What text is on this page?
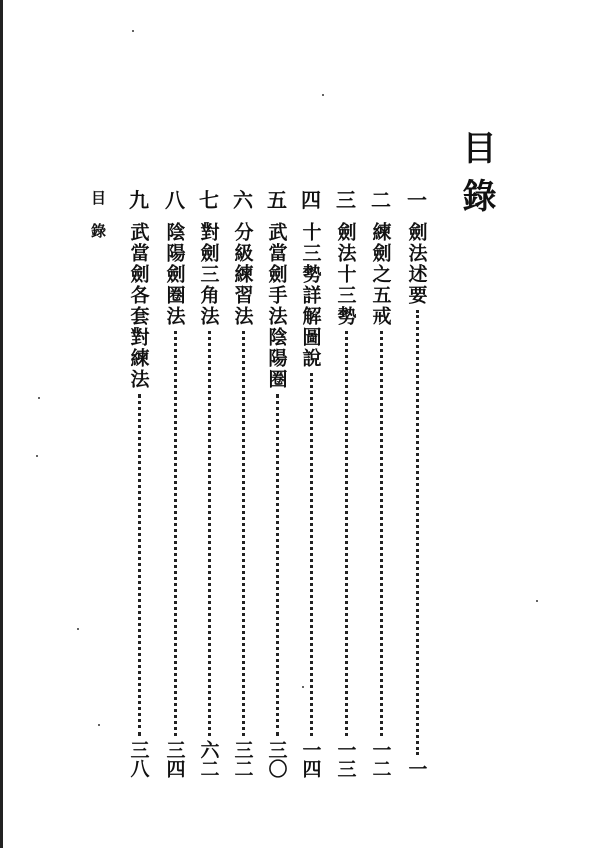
目錄
一
劍法述要
一
二
練劍之五戒
一二
三
劍法十三勢
一三
四
十三勢詳解圖說
一四
五
武當劍手法陰陽圈
三〇
六
分級練習法
三二
七
對劍三角法
六二
八
陰陽劍圈法
三四
九
武當劍各套對練法
三八
目錄
